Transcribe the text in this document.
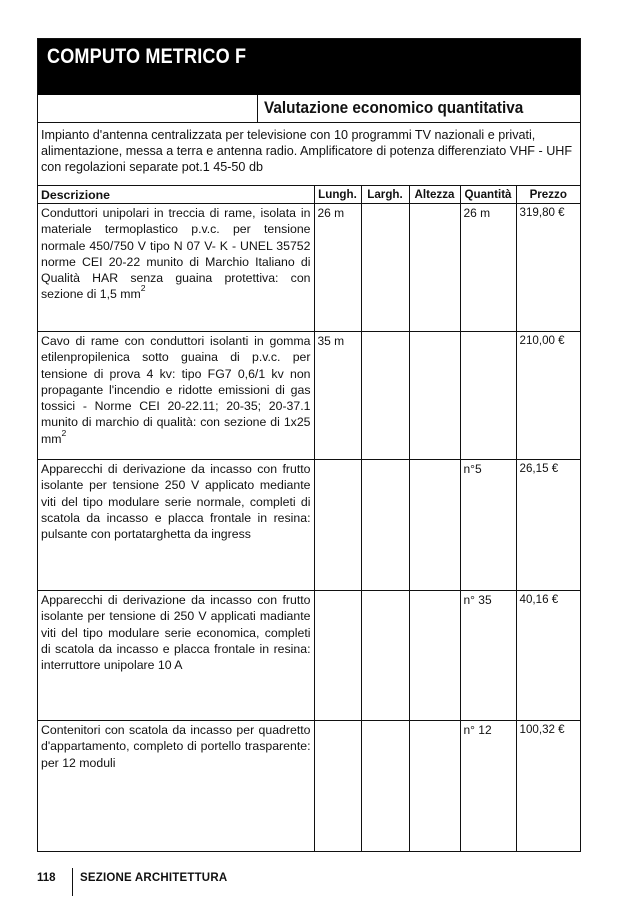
COMPUTO METRICO F
Valutazione economico quantitativa
Impianto d'antenna centralizzata per televisione con 10 programmi TV nazionali e privati, alimentazione, messa a terra e antenna radio. Amplificatore di potenza differenziato VHF - UHF con regolazioni separate pot.1 45-50 db
Descrizione	Lungh.	Largh.	Altezza	Quantità	Prezzo
Conduttori unipolari in treccia di rame, isolata in materiale termoplastico p.v.c. per tensione normale 450/750 V tipo N 07 V- K - UNEL 35752 norme CEI 20-22 munito di Marchio Italiano di Qualità HAR senza guaina protettiva: con sezione di 1,5 $mm^2$	26 m			26 m	319,80 €
Cavo di rame con conduttori isolanti in gomma etilenpropilenica sotto guaina di p.v.c. per tensione di prova 4 kv: tipo FG7 0,6/1 kv non propagante l'incendio e ridotte emissioni di gas tossici - Norme CEI 20-22.11; 20-35; 20-37.1 munito di marchio di qualità: con sezione di 1x25 $mm^2$	35 m				210,00 €
Apparecchi di derivazione da incasso con frutto isolante per tensione 250 V applicato mediante viti del tipo modulare serie normale, completi di scatola da incasso e placca frontale in resina: pulsante con portatarghetta da ingress				n°5	26,15 €
Apparecchi di derivazione da incasso con frutto isolante per tensione di 250 V applicati madiante viti del tipo modulare serie economica, completi di scatola da incasso e placca frontale in resina: interruttore unipolare 10 A				n° 35	40,16 €
Contenitori con scatola da incasso per quadretto d'appartamento, completo di portello trasparente: per 12 moduli				n° 12	100,32 €
118	SEZIONE ARCHITETTURA
